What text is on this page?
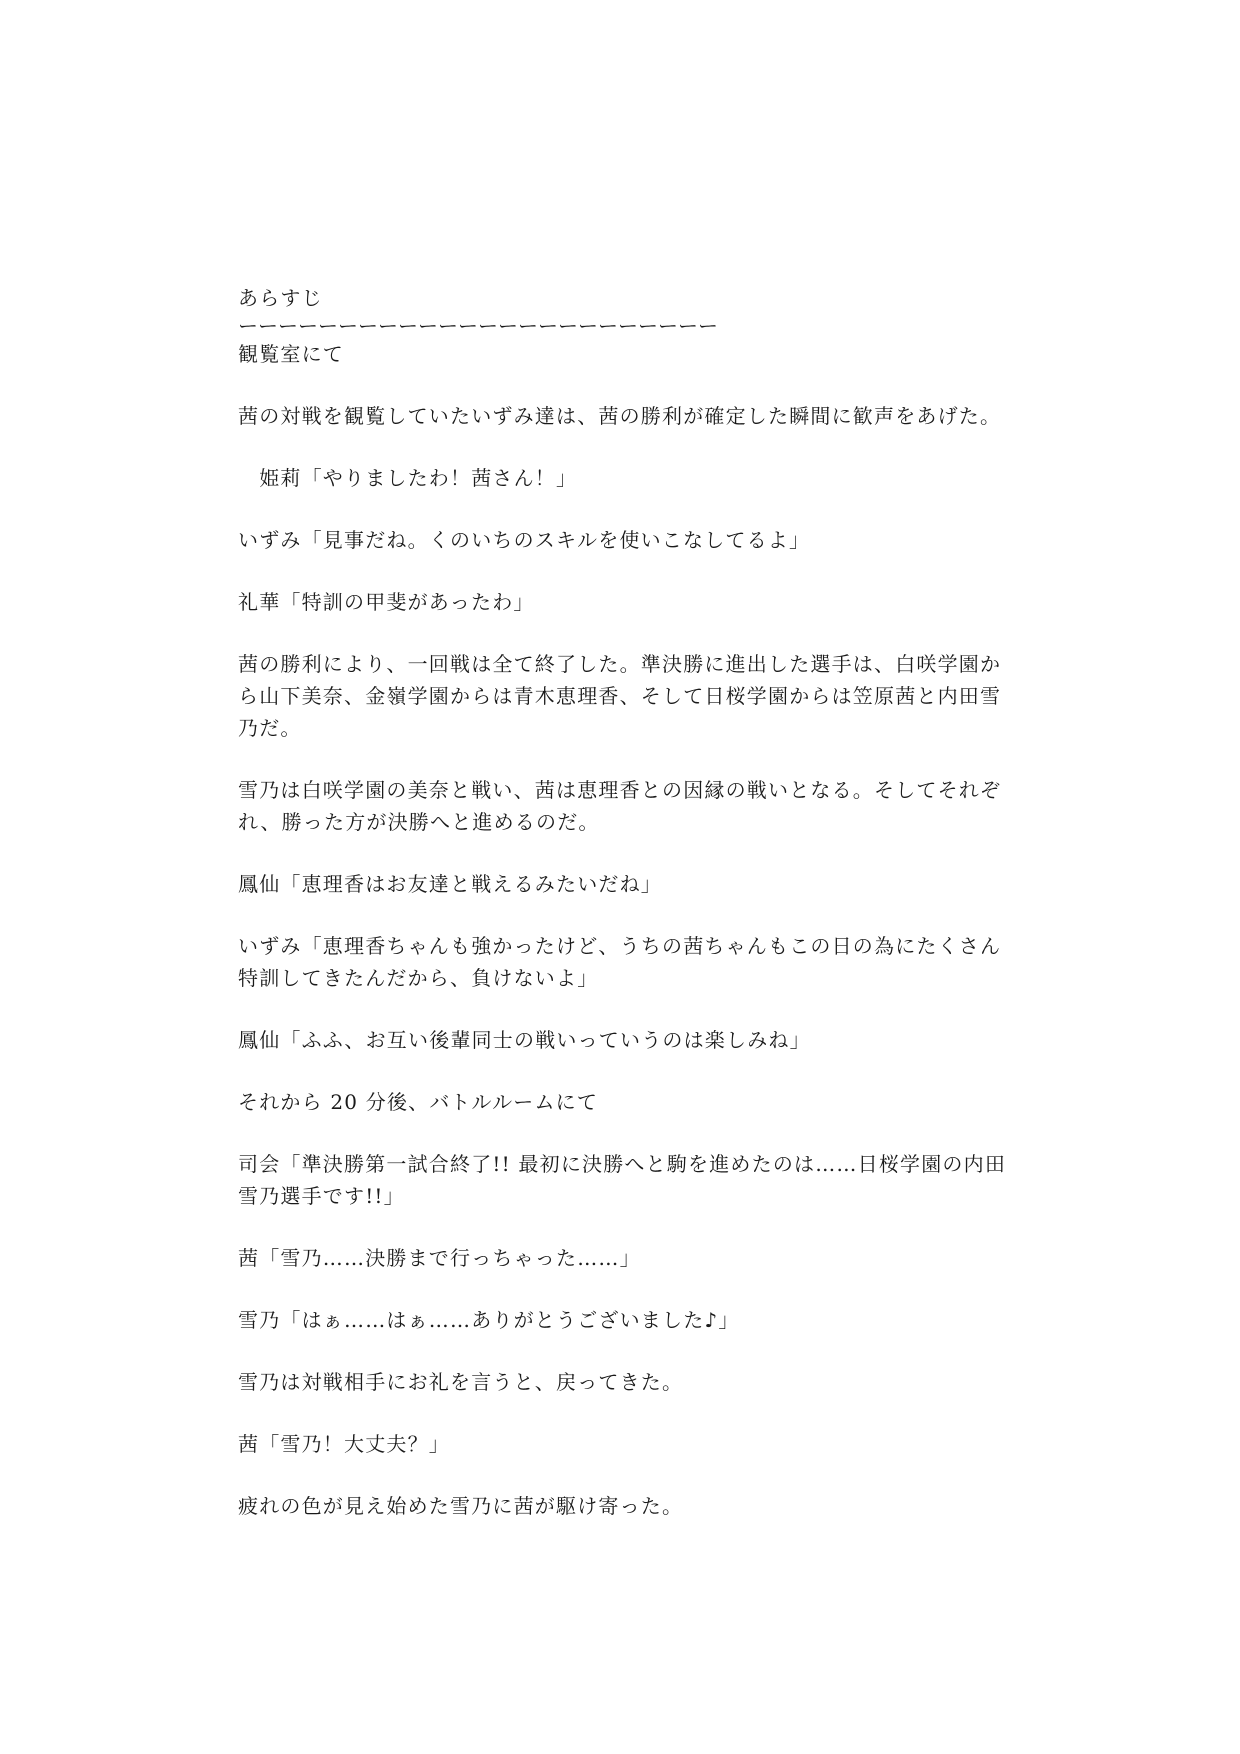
あらすじ

ーーーーーーーーーーーーーーーーーーーーーーーー

観覧室にて

茜の対戦を観覧していたいずみ達は、茜の勝利が確定した瞬間に歓声をあげた。

　姫莉「やりましたわ！茜さん！」

いずみ「見事だね。くのいちのスキルを使いこなしてるよ」

礼華「特訓の甲斐があったわ」

茜の勝利により、一回戦は全て終了した。準決勝に進出した選手は、白咲学園から山下美奈、金嶺学園からは青木恵理香、そして日桜学園からは笠原茜と内田雪乃だ。

雪乃は白咲学園の美奈と戦い、茜は恵理香との因縁の戦いとなる。そしてそれぞれ、勝った方が決勝へと進めるのだ。

鳳仙「恵理香はお友達と戦えるみたいだね」

いずみ「恵理香ちゃんも強かったけど、うちの茜ちゃんもこの日の為にたくさん特訓してきたんだから、負けないよ」

鳳仙「ふふ、お互い後輩同士の戦いっていうのは楽しみね」

それから 20 分後、バトルルームにて

司会「準決勝第一試合終了!! 最初に決勝へと駒を進めたのは……日桜学園の内田雪乃選手です!!」

茜「雪乃……決勝まで行っちゃった……」

雪乃「はぁ……はぁ……ありがとうございました♪」

雪乃は対戦相手にお礼を言うと、戻ってきた。

茜「雪乃！大丈夫？」

疲れの色が見え始めた雪乃に茜が駆け寄った。
